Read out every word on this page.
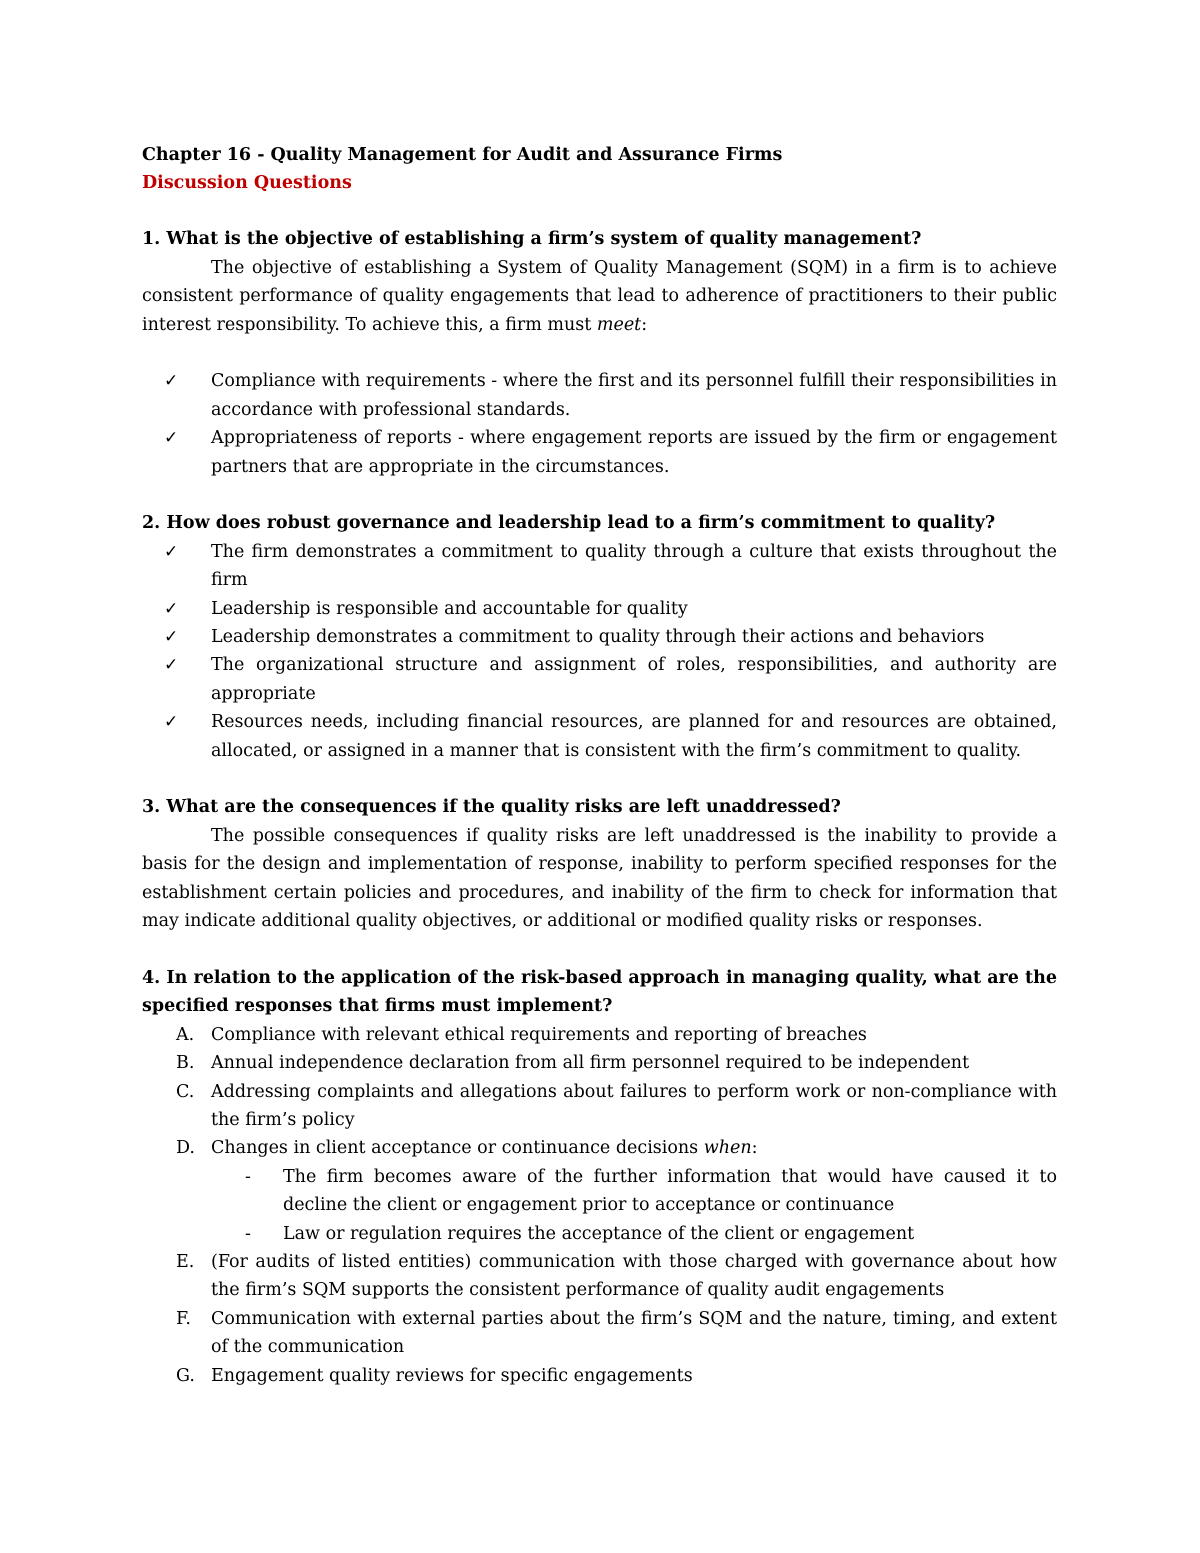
Chapter 16 - Quality Management for Audit and Assurance Firms
Discussion Questions
1. What is the objective of establishing a firm’s system of quality management?
The objective of establishing a System of Quality Management (SQM) in a firm is to achieve consistent performance of quality engagements that lead to adherence of practitioners to their public interest responsibility. To achieve this, a firm must meet:
✓	Compliance with requirements - where the first and its personnel fulfill their responsibilities in accordance with professional standards.
✓	Appropriateness of reports - where engagement reports are issued by the firm or engagement partners that are appropriate in the circumstances.
2. How does robust governance and leadership lead to a firm’s commitment to quality?
✓	The firm demonstrates a commitment to quality through a culture that exists throughout the firm
✓	Leadership is responsible and accountable for quality
✓	Leadership demonstrates a commitment to quality through their actions and behaviors
✓	The organizational structure and assignment of roles, responsibilities, and authority are appropriate
✓	Resources needs, including financial resources, are planned for and resources are obtained, allocated, or assigned in a manner that is consistent with the firm’s commitment to quality.
3. What are the consequences if the quality risks are left unaddressed?
The possible consequences if quality risks are left unaddressed is the inability to provide a basis for the design and implementation of response, inability to perform specified responses for the establishment certain policies and procedures, and inability of the firm to check for information that may indicate additional quality objectives, or additional or modified quality risks or responses.
4. In relation to the application of the risk-based approach in managing quality, what are the specified responses that firms must implement?
A. Compliance with relevant ethical requirements and reporting of breaches
B. Annual independence declaration from all firm personnel required to be independent
C. Addressing complaints and allegations about failures to perform work or non-compliance with the firm’s policy
D. Changes in client acceptance or continuance decisions when:
- The firm becomes aware of the further information that would have caused it to decline the client or engagement prior to acceptance or continuance
- Law or regulation requires the acceptance of the client or engagement
E. (For audits of listed entities) communication with those charged with governance about how the firm’s SQM supports the consistent performance of quality audit engagements
F. Communication with external parties about the firm’s SQM and the nature, timing, and extent of the communication
G. Engagement quality reviews for specific engagements
